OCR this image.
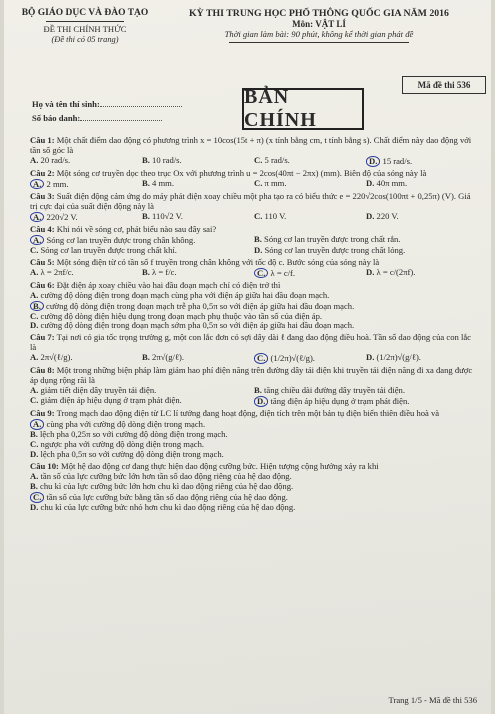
BỘ GIÁO DỤC VÀ ĐÀO TẠO
ĐỀ THI CHÍNH THỨC
(Đề thi có 05 trang)
KỲ THI TRUNG HỌC PHỔ THÔNG QUỐC GIA NĂM 2016
Môn: VẬT LÍ
Thời gian làm bài: 90 phút, không kể thời gian phát đề
Mã đề thi 536
BẢN CHÍNH
Họ và tên thí sinh:
Số báo danh:
Câu 1: Một chất điểm dao động có phương trình x = 10cos(15t + π) (x tính bằng cm, t tính bằng s). Chất điểm này dao động với tần số góc là
A. 20 rad/s.	B. 10 rad/s.	C. 5 rad/s.	D. 15 rad/s.
Câu 2: Một sóng cơ truyền dọc theo trục Ox với phương trình u = 2cos(40πt − 2πx) (mm). Biên độ của sóng này là
A. 2 mm.	B. 4 mm.	C. π mm.	D. 40π mm.
Câu 3: Suất điện động cảm ứng do máy phát điện xoay chiều một pha tạo ra có biểu thức e = 220√2cos(100πt + 0,25π) (V). Giá trị cực đại của suất điện động này là
A. 220√2 V.	B. 110√2 V.	C. 110 V.	D. 220 V.
Câu 4: Khi nói về sóng cơ, phát biểu nào sau đây sai?
A. Sóng cơ lan truyền được trong chân không.	B. Sóng cơ lan truyền được trong chất rắn.
C. Sóng cơ lan truyền được trong chất khí.	D. Sóng cơ lan truyền được trong chất lỏng.
Câu 5: Một sóng điện từ có tần số f truyền trong chân không với tốc độ c. Bước sóng của sóng này là
A. λ = 2πf/c.	B. λ = f/c.	C. λ = c/f.	D. λ = c/(2πf).
Câu 6: Đặt điện áp xoay chiều vào hai đầu đoạn mạch chỉ có điện trở thì
A. cường độ dòng điện trong đoạn mạch cùng pha với điện áp giữa hai đầu đoạn mạch.
B. cường độ dòng điện trong đoạn mạch trễ pha 0,5π so với điện áp giữa hai đầu đoạn mạch.
C. cường độ dòng điện hiệu dụng trong đoạn mạch phụ thuộc vào tần số của điện áp.
D. cường độ dòng điện trong đoạn mạch sớm pha 0,5π so với điện áp giữa hai đầu đoạn mạch.
Câu 7: Tại nơi có gia tốc trọng trường g, một con lắc đơn có sợi dây dài ℓ đang dao động điều hoà. Tần số dao động của con lắc là
A. 2π√(ℓ/g).	B. 2π√(g/ℓ).	C. (1/2π)√(ℓ/g).	D. (1/2π)√(g/ℓ).
Câu 8: Một trong những biện pháp làm giảm hao phí điện năng trên đường dây tải điện khi truyền tải điện năng đi xa đang được áp dụng rộng rãi là
A. giảm tiết diện dây truyền tải điện.	B. tăng chiều dài đường dây truyền tải điện.
C. giảm điện áp hiệu dụng ở trạm phát điện.	D. tăng điện áp hiệu dụng ở trạm phát điện.
Câu 9: Trong mạch dao động điện từ LC lí tưởng đang hoạt động, điện tích trên một bản tụ điện biến thiên điều hoà và
A. cùng pha với cường độ dòng điện trong mạch.
B. lệch pha 0,25π so với cường độ dòng điện trong mạch.
C. ngược pha với cường độ dòng điện trong mạch.
D. lệch pha 0,5π so với cường độ dòng điện trong mạch.
Câu 10: Một hệ dao động cơ đang thực hiện dao động cưỡng bức. Hiện tượng cộng hưởng xảy ra khi
A. tần số của lực cưỡng bức lớn hơn tần số dao động riêng của hệ dao động.
B. chu kì của lực cưỡng bức lớn hơn chu kì dao động riêng của hệ dao động.
C. tần số của lực cưỡng bức bằng tần số dao động riêng của hệ dao động.
D. chu kì của lực cưỡng bức nhỏ hơn chu kì dao động riêng của hệ dao động.
Trang 1/5 - Mã đề thi 536
